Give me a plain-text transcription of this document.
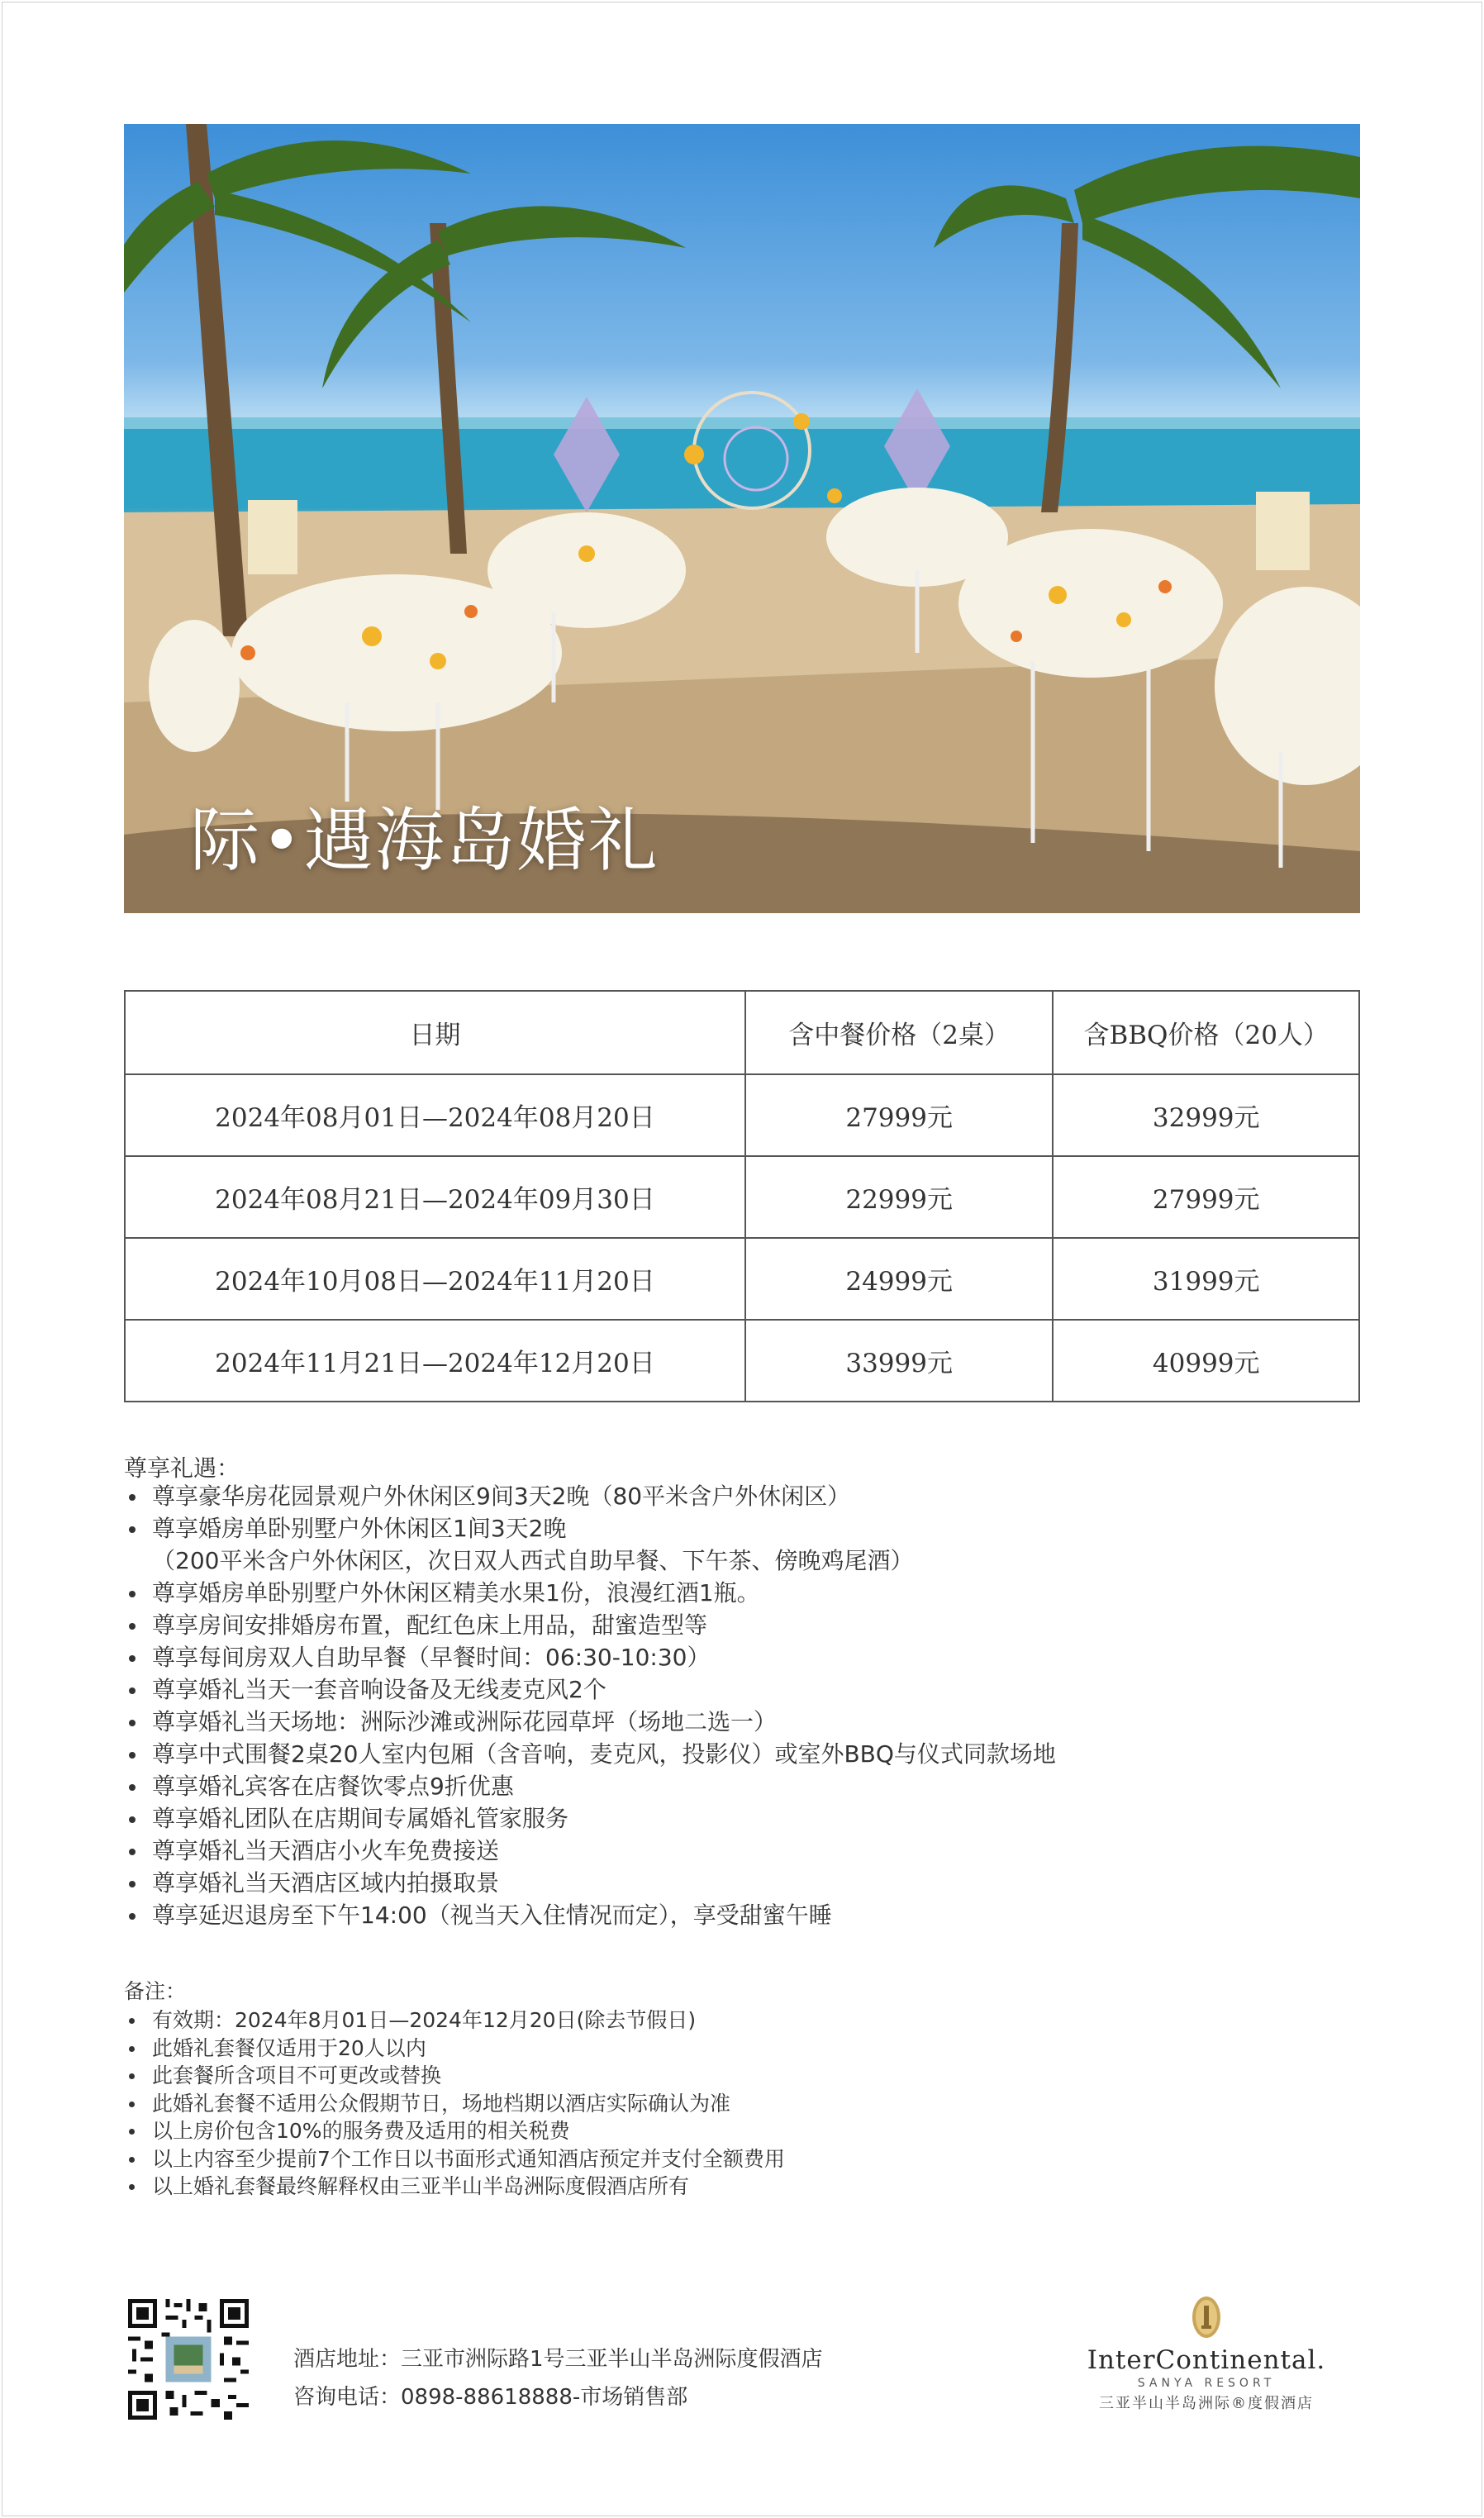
际•遇海岛婚礼
日期	含中餐价格（2桌）	含BBQ价格（20人）
2024年08月01日—2024年08月20日	27999元	32999元
2024年08月21日—2024年09月30日	22999元	27999元
2024年10月08日—2024年11月20日	24999元	31999元
2024年11月21日—2024年12月20日	33999元	40999元
尊享礼遇：
尊享豪华房花园景观户外休闲区9间3天2晚（80平米含户外休闲区）
尊享婚房单卧别墅户外休闲区1间3天2晚
（200平米含户外休闲区，次日双人西式自助早餐、下午茶、傍晚鸡尾酒）
尊享婚房单卧别墅户外休闲区精美水果1份，浪漫红酒1瓶。
尊享房间安排婚房布置，配红色床上用品，甜蜜造型等
尊享每间房双人自助早餐（早餐时间：06:30-10:30）
尊享婚礼当天一套音响设备及无线麦克风2个
尊享婚礼当天场地：洲际沙滩或洲际花园草坪（场地二选一）
尊享中式围餐2桌20人室内包厢（含音响，麦克风，投影仪）或室外BBQ与仪式同款场地
尊享婚礼宾客在店餐饮零点9折优惠
尊享婚礼团队在店期间专属婚礼管家服务
尊享婚礼当天酒店小火车免费接送
尊享婚礼当天酒店区域内拍摄取景
尊享延迟退房至下午14:00（视当天入住情况而定），享受甜蜜午睡
备注：
有效期：2024年8月01日—2024年12月20日(除去节假日)
此婚礼套餐仅适用于20人以内
此套餐所含项目不可更改或替换
此婚礼套餐不适用公众假期节日，场地档期以酒店实际确认为准
以上房价包含10%的服务费及适用的相关税费
以上内容至少提前7个工作日以书面形式通知酒店预定并支付全额费用
以上婚礼套餐最终解释权由三亚半山半岛洲际度假酒店所有
酒店地址：三亚市洲际路1号三亚半山半岛洲际度假酒店
咨询电话：0898-88618888-市场销售部
InterContinental.
SANYA RESORT
三亚半山半岛洲际®度假酒店
